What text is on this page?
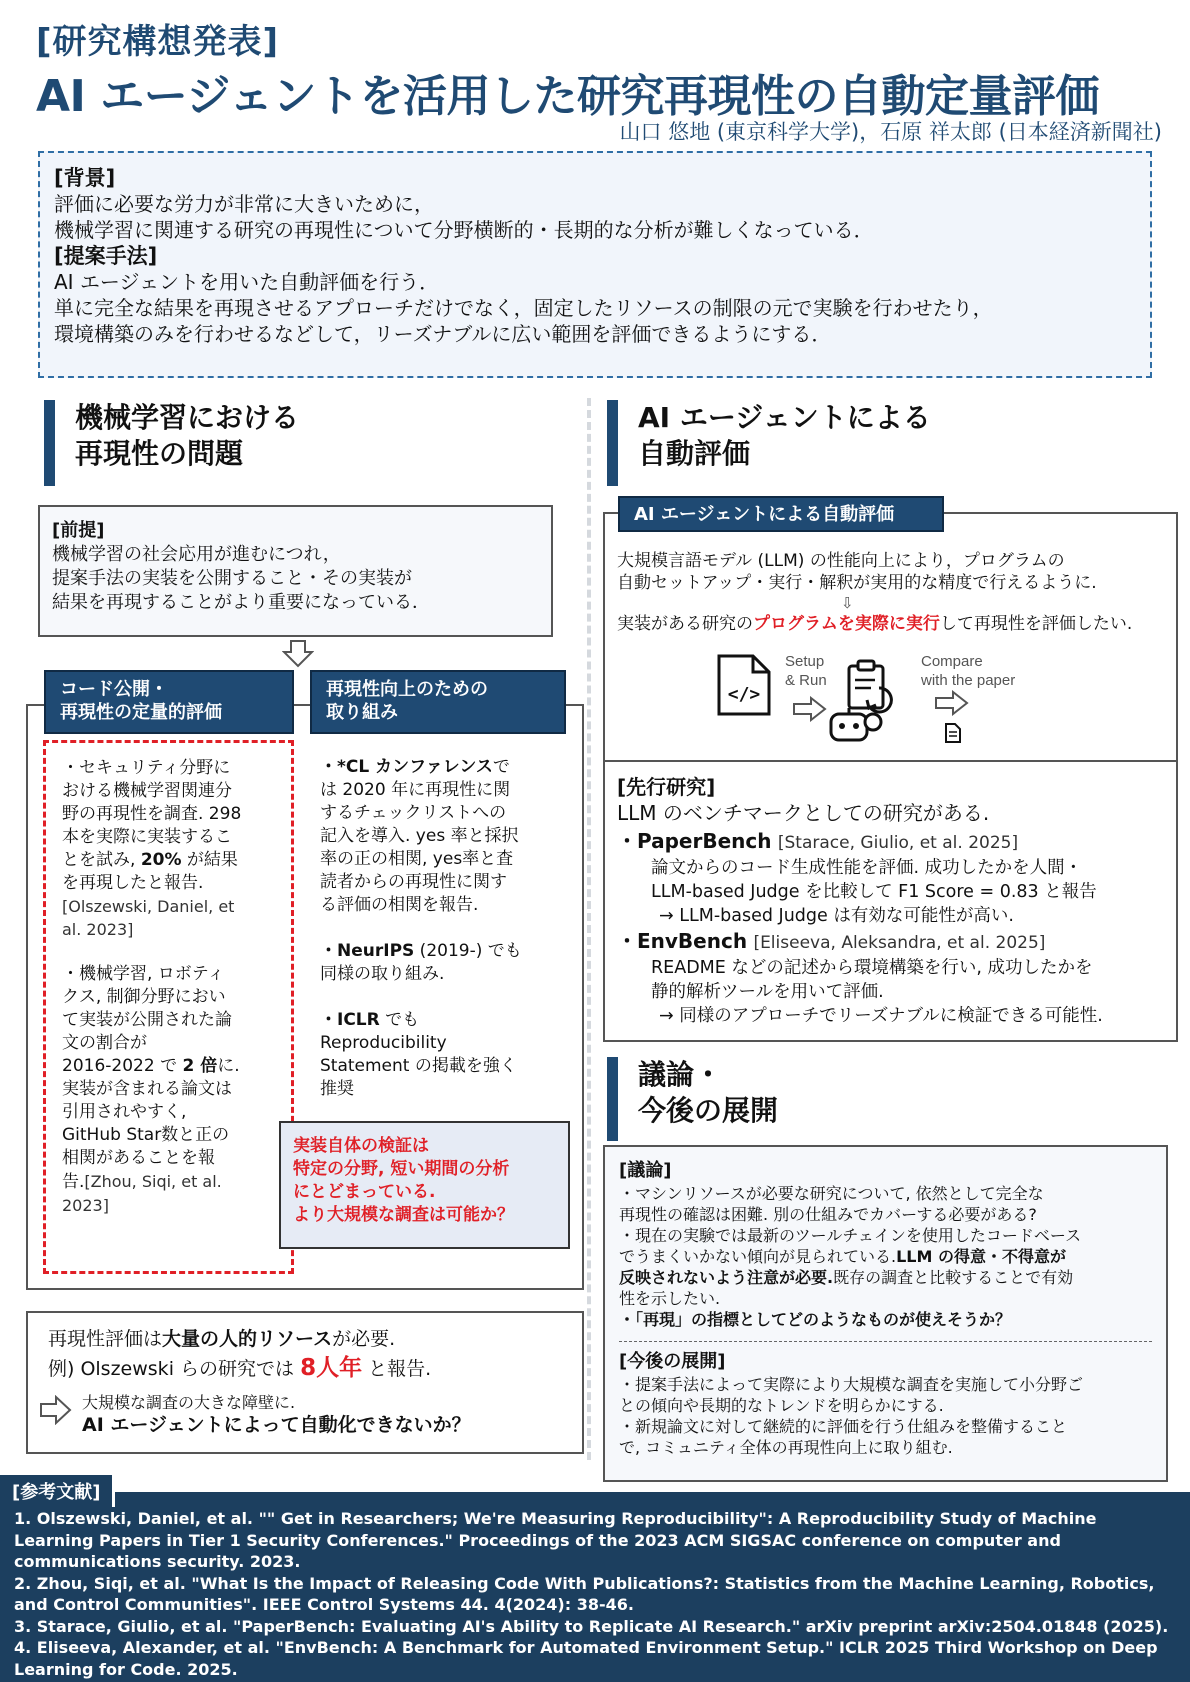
[研究構想発表]
AI エージェントを活用した研究再現性の自動定量評価
山口 悠地 (東京科学大学)，石原 祥太郎 (日本経済新聞社)
[背景]
評価に必要な労力が非常に大きいために，
機械学習に関連する研究の再現性について分野横断的・長期的な分析が難しくなっている．
[提案手法]
AI エージェントを用いた自動評価を行う．
単に完全な結果を再現させるアプローチだけでなく，固定したリソースの制限の元で実験を行わせたり，
環境構築のみを行わせるなどして，リーズナブルに広い範囲を評価できるようにする．
機械学習における
再現性の問題
[前提]
機械学習の社会応用が進むにつれ，
提案手法の実装を公開すること・その実装が
結果を再現することがより重要になっている．
コード公開・
再現性の定量的評価
再現性向上のための
取り組み
・セキュリティ分野に
おける機械学習関連分
野の再現性を調査. 298
本を実際に実装するこ
とを試み, 20% が結果
を再現したと報告.
[Olszewski, Daniel, et
al. 2023]
・機械学習, ロボティ
クス, 制御分野におい
て実装が公開された論
文の割合が
2016-2022 で 2 倍に.
実装が含まれる論文は
引用されやすく,
GitHub Star数と正の
相関があることを報
告.[Zhou, Siqi, et al.
2023]
・*CL カンファレンスで
は 2020 年に再現性に関
するチェックリストへの
記入を導入. yes 率と採択
率の正の相関, yes率と査
読者からの再現性に関す
る評価の相関を報告.
・NeurIPS (2019-) でも
同様の取り組み.
・ICLR でも
Reproducibility
Statement の掲載を強く
推奨
実装自体の検証は
特定の分野, 短い期間の分析
にとどまっている.
より大規模な調査は可能か？
再現性評価は大量の人的リソースが必要.
例) Olszewski らの研究では 8人年 と報告.
大規模な調査の大きな障壁に.
AI エージェントによって自動化できないか？
AI エージェントによる
自動評価
大規模言語モデル (LLM) の性能向上により，プログラムの
自動セットアップ・実行・解釈が実用的な精度で行えるように.
⇩
実装がある研究のプログラムを実際に実行して再現性を評価したい.
</>
Setup
& Run
Compare
with the paper
AI エージェントによる自動評価
[先行研究]
LLM のベンチマークとしての研究がある.
・PaperBench [Starace, Giulio, et al. 2025]
論文からのコード生成性能を評価. 成功したかを人間・
LLM-based Judge を比較して F1 Score = 0.83 と報告
→ LLM-based Judge は有効な可能性が高い.
・EnvBench [Eliseeva, Aleksandra, et al. 2025]
README などの記述から環境構築を行い, 成功したかを
静的解析ツールを用いて評価.
→ 同様のアプローチでリーズナブルに検証できる可能性.
議論・
今後の展開
[議論]
・マシンリソースが必要な研究について, 依然として完全な
再現性の確認は困難. 別の仕組みでカバーする必要がある?
・現在の実験では最新のツールチェインを使用したコードベース
でうまくいかない傾向が見られている.LLM の得意・不得意が
反映されないよう注意が必要.既存の調査と比較することで有効
性を示したい.
・「再現」の指標としてどのようなものが使えそうか？
[今後の展開]
・提案手法によって実際により大規模な調査を実施して小分野ご
との傾向や長期的なトレンドを明らかにする.
・新規論文に対して継続的に評価を行う仕組みを整備すること
で, コミュニティ全体の再現性向上に取り組む.
1. Olszewski, Daniel, et al. "" Get in Researchers; We're Measuring Reproducibility": A Reproducibility Study of Machine Learning Papers in Tier 1 Security Conferences." Proceedings of the 2023 ACM SIGSAC conference on computer and communications security. 2023.
2. Zhou, Siqi, et al. "What Is the Impact of Releasing Code With Publications?: Statistics from the Machine Learning, Robotics, and Control Communities". IEEE Control Systems 44. 4(2024): 38-46.
3. Starace, Giulio, et al. "PaperBench: Evaluating AI's Ability to Replicate AI Research." arXiv preprint arXiv:2504.01848 (2025).
4. Eliseeva, Alexander, et al. "EnvBench: A Benchmark for Automated Environment Setup." ICLR 2025 Third Workshop on Deep Learning for Code. 2025.
[参考文献]
